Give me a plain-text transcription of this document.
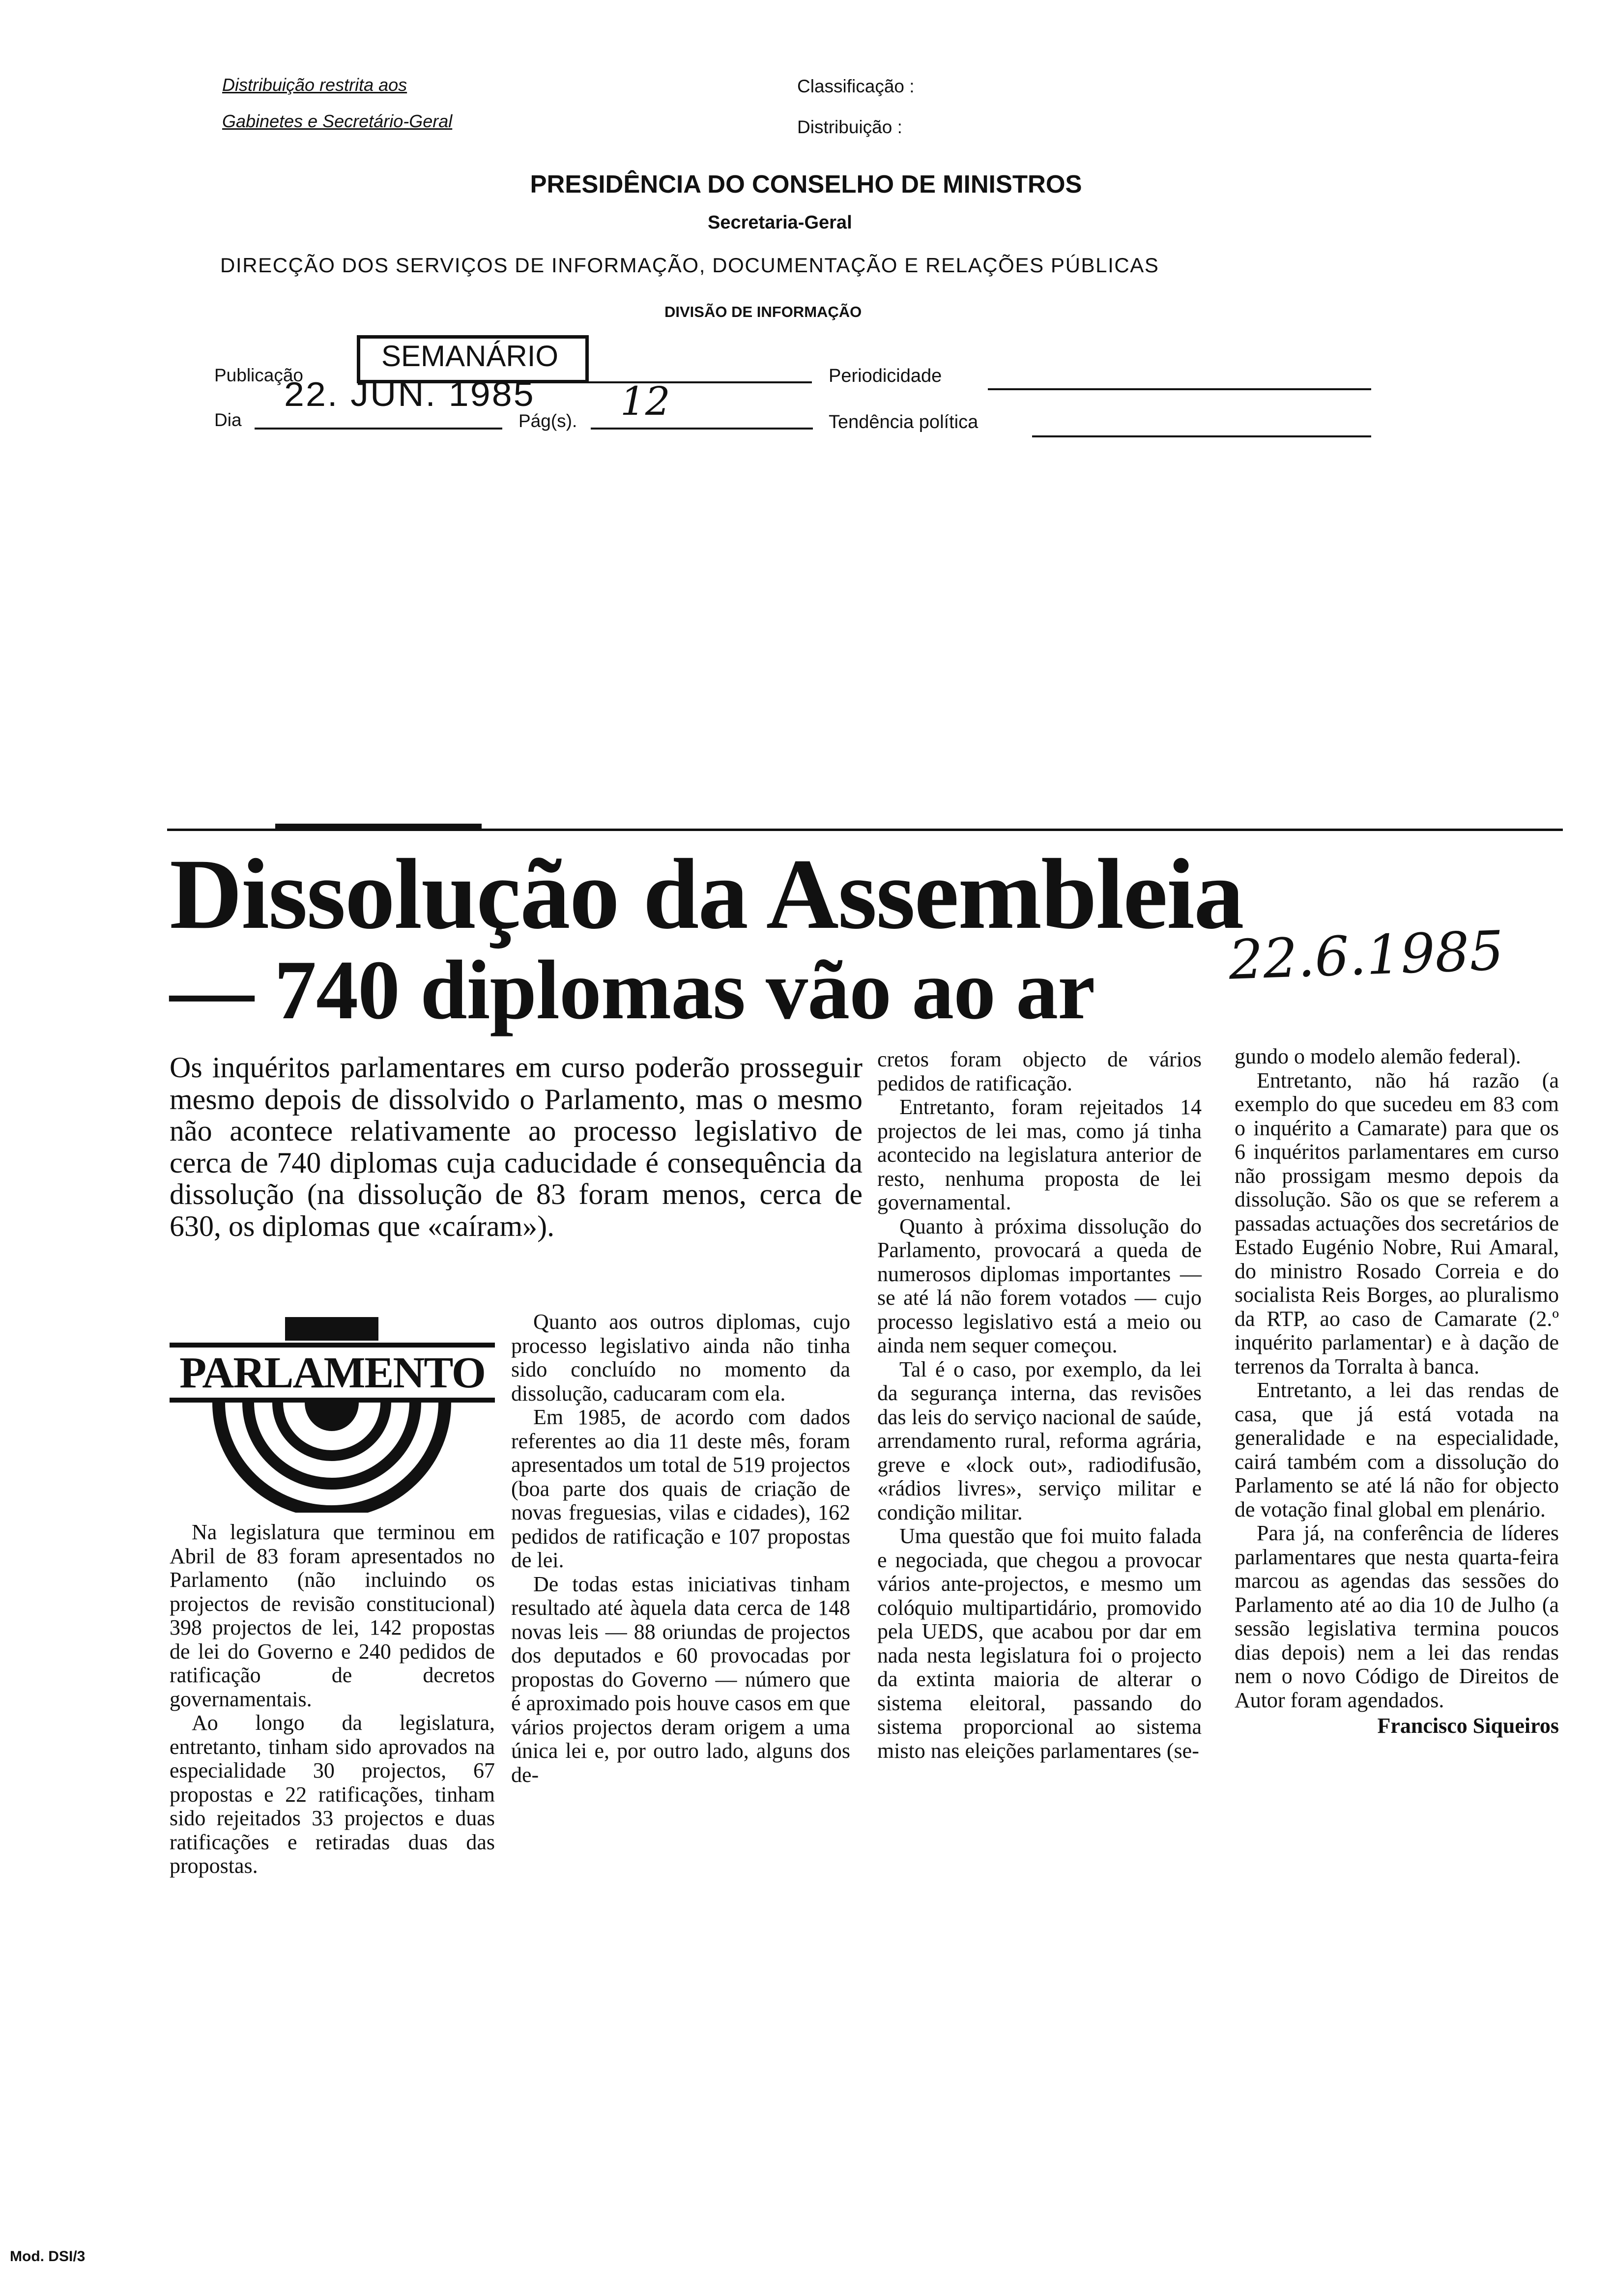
Distribuição restrita aos
Gabinetes e Secretário-Geral
Classificação :
Distribuição :
PRESIDÊNCIA DO CONSELHO DE MINISTROS
Secretaria-Geral
DIRECÇÃO DOS SERVIÇOS DE INFORMAÇÃO, DOCUMENTAÇÃO E RELAÇÕES PÚBLICAS
DIVISÃO DE INFORMAÇÃO
Publicação
SEMANÁRIO
Periodicidade
Dia
22. JUN. 1985
Pág(s). 12	Tendência política
Dissolução da Assembleia
— 740 diplomas vão ao ar 22.6.1985
Os inquéritos parlamentares em curso poderão prosseguir mesmo depois de dissolvido o Parlamento, mas o mesmo não acontece relativamente ao processo legislativo de cerca de 740 diplomas cuja caducidade é consequência da dissolução (na dissolução de 83 foram menos, cerca de 630, os diplomas que «caíram»).
PARLAMENTO

Na legislatura que terminou em Abril de 83 foram apresentados no Parlamento (não incluindo os projectos de revisão constitucional) 398 projectos de lei, 142 propostas de lei do Governo e 240 pedidos de ratificação de decretos governamentais.

Ao longo da legislatura, entretanto, tinham sido aprovados na especialidade 30 projectos, 67 propostas e 22 ratificações, tinham sido rejeitados 33 projectos e duas ratificações e retiradas duas das propostas.

Quanto aos outros diplomas, cujo processo legislativo ainda não tinha sido concluído no momento da dissolução, caducaram com ela.

Em 1985, de acordo com dados referentes ao dia 11 deste mês, foram apresentados um total de 519 projectos (boa parte dos quais de criação de novas freguesias, vilas e cidades), 162 pedidos de ratificação e 107 propostas de lei.

De todas estas iniciativas tinham resultado até àquela data cerca de 148 novas leis — 88 oriundas de projectos dos deputados e 60 provocadas por propostas do Governo — número que é aproximado pois houve casos em que vários projectos deram origem a uma única lei e, por outro lado, alguns dos de-

cretos foram objecto de vários pedidos de ratificação.

Entretanto, foram rejeitados 14 projectos de lei mas, como já tinha acontecido na legislatura anterior de resto, nenhuma proposta de lei governamental.

Quanto à próxima dissolução do Parlamento, provocará a queda de numerosos diplomas importantes — se até lá não forem votados — cujo processo legislativo está a meio ou ainda nem sequer começou.

Tal é o caso, por exemplo, da lei da segurança interna, das revisões das leis do serviço nacional de saúde, arrendamento rural, reforma agrária, greve e «lock out», radiodifusão, «rádios livres», serviço militar e condição militar.

Uma questão que foi muito falada e negociada, que chegou a provocar vários ante-projectos, e mesmo um colóquio multipartidário, promovido pela UEDS, que acabou por dar em nada nesta legislatura foi o projecto da extinta maioria de alterar o sistema eleitoral, passando do sistema proporcional ao sistema misto nas eleições parlamentares (se-

gundo o modelo alemão federal).

Entretanto, não há razão (a exemplo do que sucedeu em 83 com o inquérito a Camarate) para que os 6 inquéritos parlamentares em curso não prossigam mesmo depois da dissolução. São os que se referem a passadas actuações dos secretários de Estado Eugénio Nobre, Rui Amaral, do ministro Rosado Correia e do socialista Reis Borges, ao pluralismo da RTP, ao caso de Camarate (2.º inquérito parlamentar) e à dação de terrenos da Torralta à banca.

Entretanto, a lei das rendas de casa, que já está votada na generalidade e na especialidade, cairá também com a dissolução do Parlamento se até lá não for objecto de votação final global em plenário.

Para já, na conferência de líderes parlamentares que nesta quarta-feira marcou as agendas das sessões do Parlamento até ao dia 10 de Julho (a sessão legislativa termina poucos dias depois) nem a lei das rendas nem o novo Código de Direitos de Autor foram agendados.

Francisco Siqueiros
Mod. DSI/3
